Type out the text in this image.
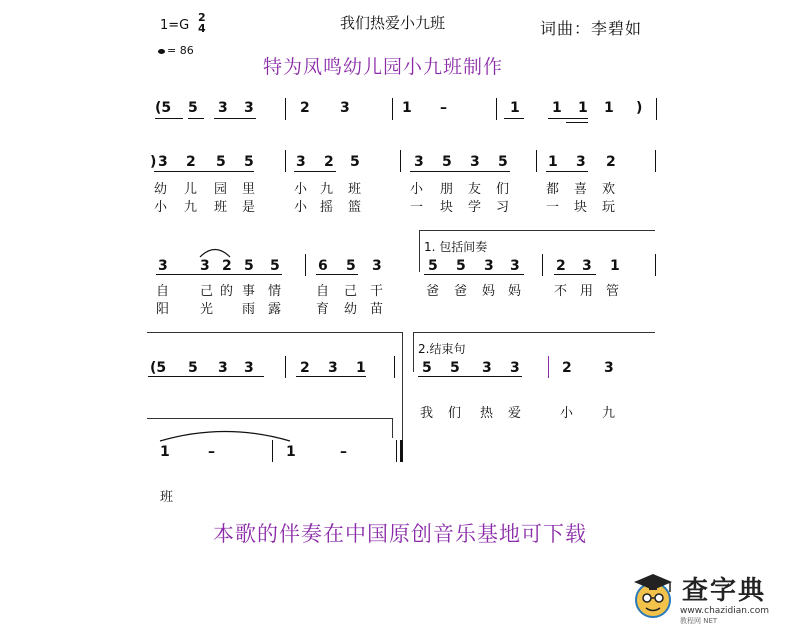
1=G
2
4
= 86
我们热爱小九班	词曲：李碧如
特为凤鸣幼儿园小九班制作
(5 5 3 3	2 3	1 –	1 1 1 1 )
) 3 2 5 5	3 2 5	3 5 3 5	1 3 2
幼 儿 园 里	小 九 班	小 朋 友 们	都 喜 欢
小 九 班 是	小 摇 篮	一 块 学 习	一 块 玩
1. 包括间奏
3 3 2 5 5	6 5 3	5 5 3 3	2 3 1
自 己 的 事 情	自 己 干	爸 爸 妈 妈	不 用 管
阳 光 雨 露	育 幼 苗
2.结束句
(5 5 3 3	2 3 1	5 5 3 3	2 3
我 们 热 爱	小 九
1	–	1	–
班
本歌的伴奏在中国原创音乐基地可下载
查字典
www.chazidian.com
教程网 NET
